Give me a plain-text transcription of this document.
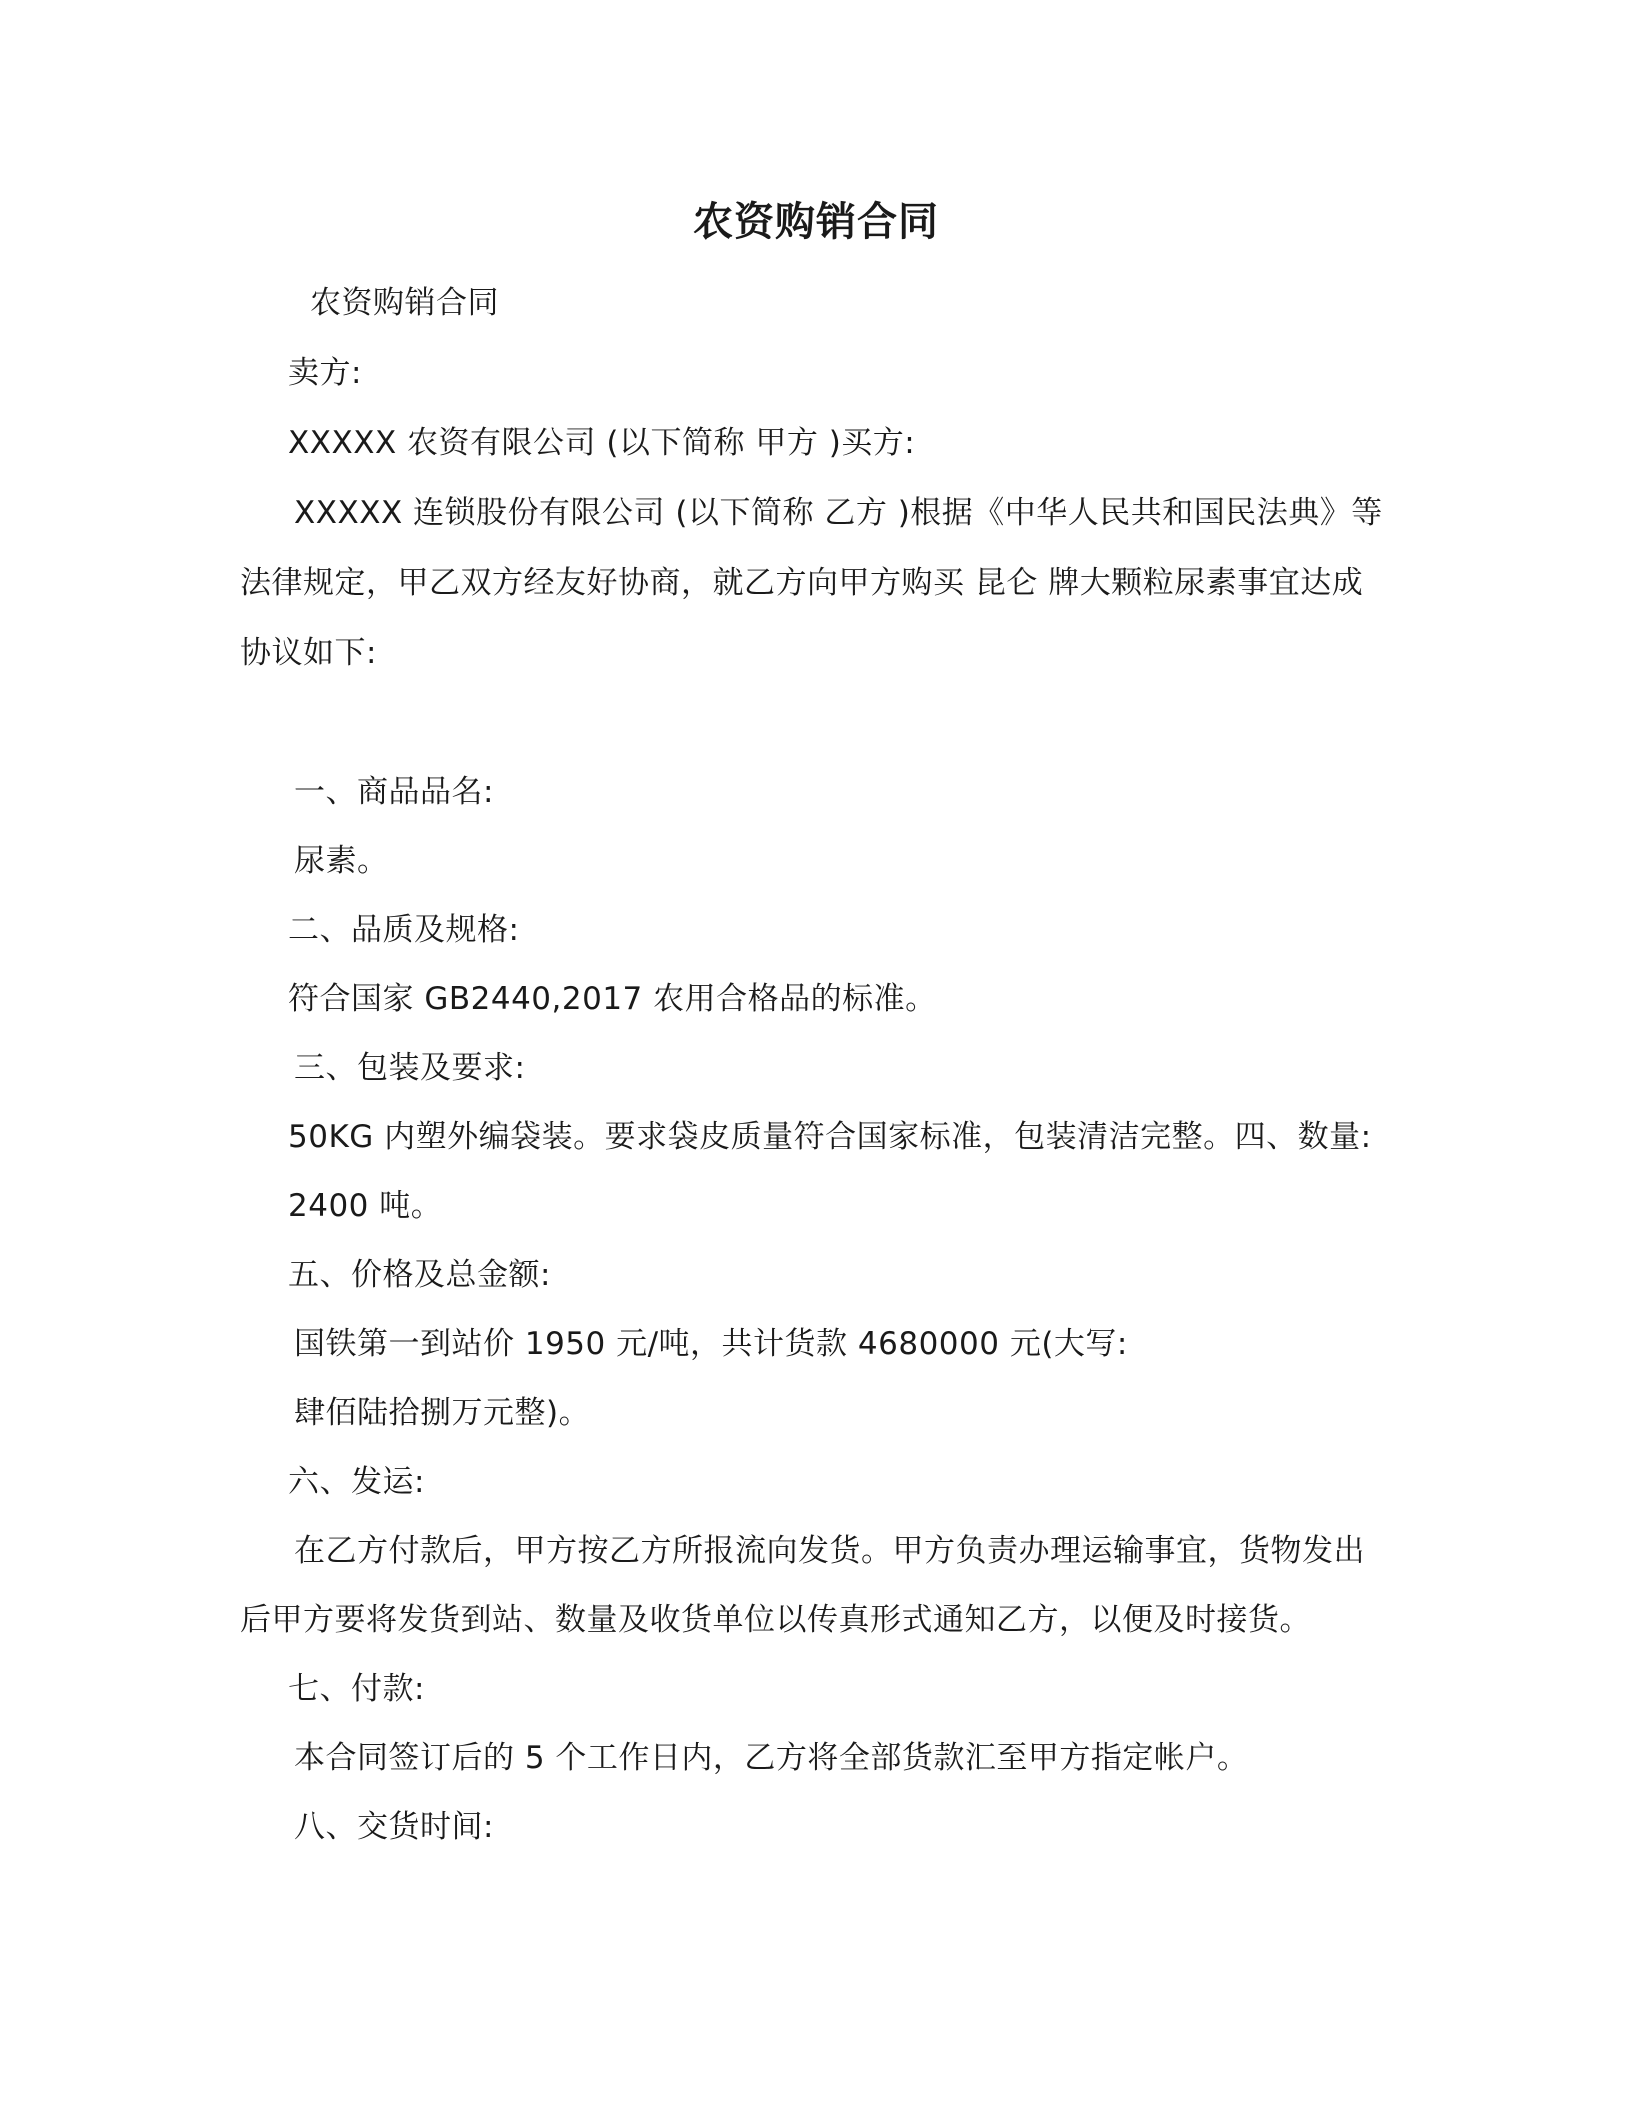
农资购销合同
农资购销合同
卖方:
XXXXX 农资有限公司 (以下简称 甲方 )买方:
XXXXX 连锁股份有限公司 (以下简称 乙方 )根据《中华人民共和国民法典》等
法律规定，甲乙双方经友好协商，就乙方向甲方购买 昆仑 牌大颗粒尿素事宜达成
协议如下:
一、商品品名:
尿素。
二、品质及规格:
符合国家 GB2440,2017 农用合格品的标准。
三、包装及要求:
50KG 内塑外编袋装。要求袋皮质量符合国家标准，包装清洁完整。四、数量:
2400 吨。
五、价格及总金额:
国铁第一到站价 1950 元/吨，共计货款 4680000 元(大写:
肆佰陆拾捌万元整)。
六、发运:
在乙方付款后，甲方按乙方所报流向发货。甲方负责办理运输事宜，货物发出
后甲方要将发货到站、数量及收货单位以传真形式通知乙方，以便及时接货。
七、付款:
本合同签订后的 5 个工作日内，乙方将全部货款汇至甲方指定帐户。
八、交货时间:
